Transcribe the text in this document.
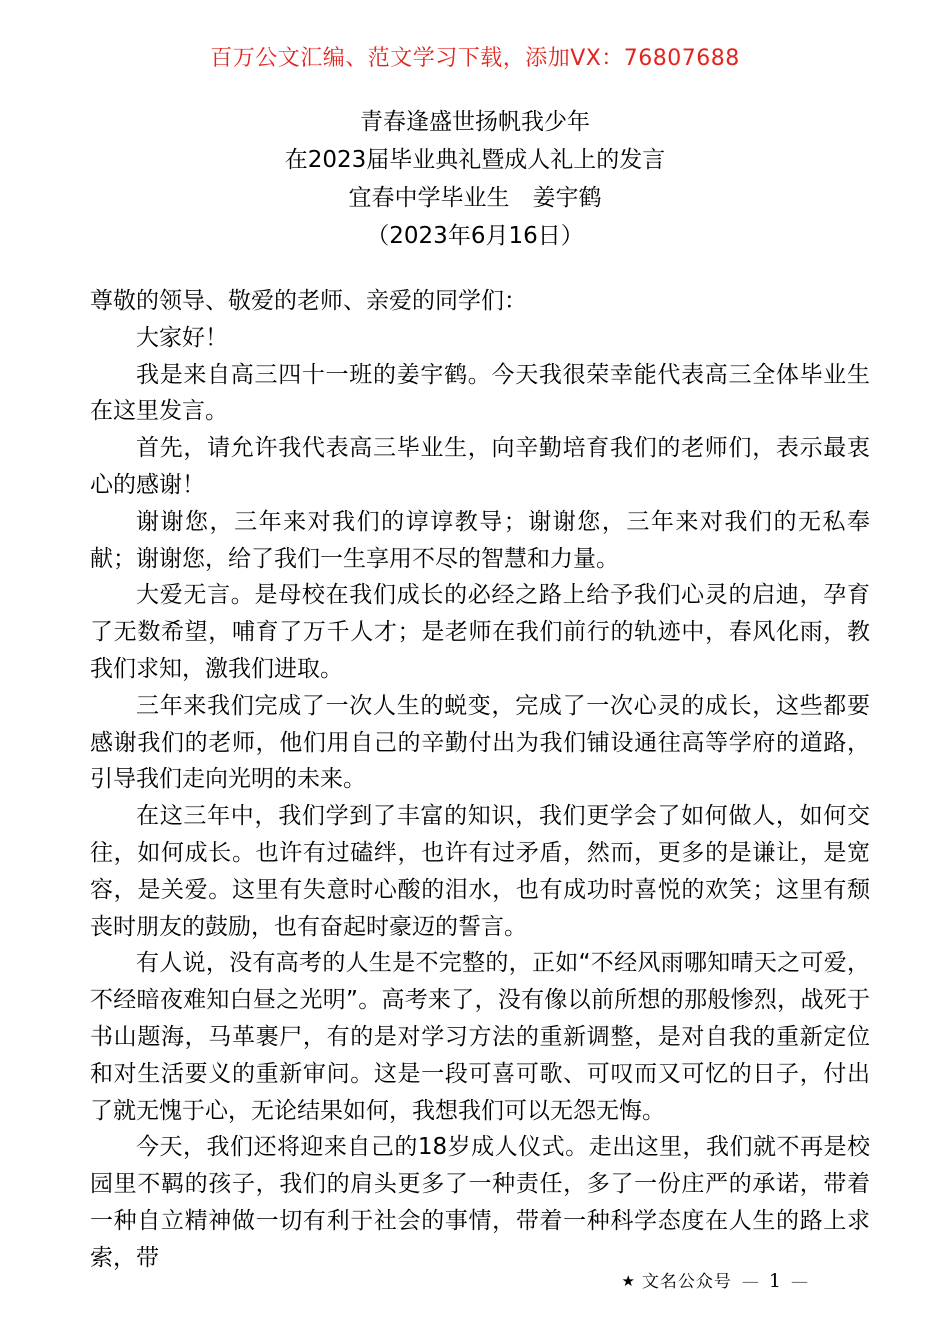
百万公文汇编、范文学习下载，添加VX：76807688
青春逢盛世扬帆我少年
在2023届毕业典礼暨成人礼上的发言
宜春中学毕业生　姜宇鹤
（2023年6月16日）

尊敬的领导、敬爱的老师、亲爱的同学们：

大家好！

我是来自高三四十一班的姜宇鹤。今天我很荣幸能代表高三全体毕业生在这里发言。

首先，请允许我代表高三毕业生，向辛勤培育我们的老师们，表示最衷心的感谢！

谢谢您，三年来对我们的谆谆教导；谢谢您，三年来对我们的无私奉献；谢谢您，给了我们一生享用不尽的智慧和力量。

大爱无言。是母校在我们成长的必经之路上给予我们心灵的启迪，孕育了无数希望，哺育了万千人才；是老师在我们前行的轨迹中，春风化雨，教我们求知，激我们进取。

三年来我们完成了一次人生的蜕变，完成了一次心灵的成长，这些都要感谢我们的老师，他们用自己的辛勤付出为我们铺设通往高等学府的道路，引导我们走向光明的未来。

在这三年中，我们学到了丰富的知识，我们更学会了如何做人，如何交往，如何成长。也许有过磕绊，也许有过矛盾，然而，更多的是谦让，是宽容，是关爱。这里有失意时心酸的泪水，也有成功时喜悦的欢笑；这里有颓丧时朋友的鼓励，也有奋起时豪迈的誓言。

有人说，没有高考的人生是不完整的，正如“不经风雨哪知晴天之可爱，不经暗夜难知白昼之光明”。高考来了，没有像以前所想的那般惨烈，战死于书山题海，马革裹尸，有的是对学习方法的重新调整，是对自我的重新定位和对生活要义的重新审问。这是一段可喜可歌、可叹而又可忆的日子，付出了就无愧于心，无论结果如何，我想我们可以无怨无悔。

今天，我们还将迎来自己的18岁成人仪式。走出这里，我们就不再是校园里不羁的孩子，我们的肩头更多了一种责任，多了一份庄严的承诺，带着一种自立精神做一切有利于社会的事情，带着一种科学态度在人生的路上求索，带

★ 文名公众号 — 1 —
